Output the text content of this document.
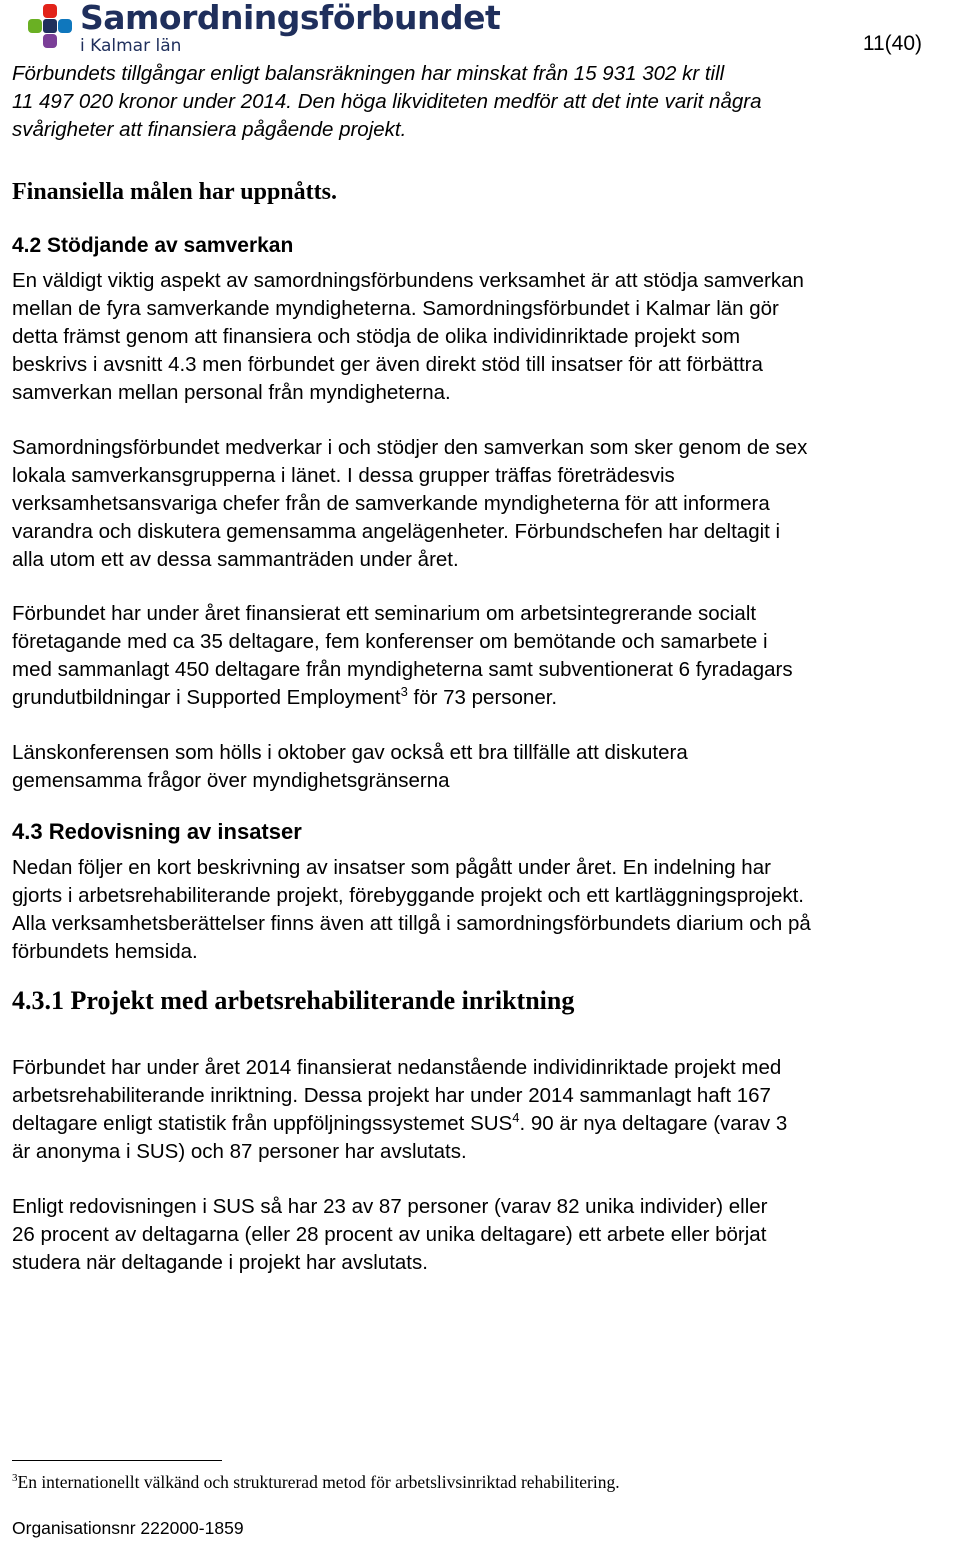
Samordningsförbundet
i Kalmar län	11(40)
Förbundets tillgångar enligt balansräkningen har minskat från 15 931 302 kr till
11 497 020 kronor under 2014. Den höga likviditeten medför att det inte varit några
svårigheter att finansiera pågående projekt.
Finansiella målen har uppnåtts.
4.2 Stödjande av samverkan
En väldigt viktig aspekt av samordningsförbundens verksamhet är att stödja samverkan
mellan de fyra samverkande myndigheterna. Samordningsförbundet i Kalmar län gör
detta främst genom att finansiera och stödja de olika individinriktade projekt som
beskrivs i avsnitt 4.3 men förbundet ger även direkt stöd till insatser för att förbättra
samverkan mellan personal från myndigheterna.
Samordningsförbundet medverkar i och stödjer den samverkan som sker genom de sex
lokala samverkansgrupperna i länet. I dessa grupper träffas företrädesvis
verksamhetsansvariga chefer från de samverkande myndigheterna för att informera
varandra och diskutera gemensamma angelägenheter. Förbundschefen har deltagit i
alla utom ett av dessa sammanträden under året.
Förbundet har under året finansierat ett seminarium om arbetsintegrerande socialt
företagande med ca 35 deltagare, fem konferenser om bemötande och samarbete i
med sammanlagt 450 deltagare från myndigheterna samt subventionerat 6 fyradagars
grundutbildningar i Supported Employment$^3$ för 73 personer.
Länskonferensen som hölls i oktober gav också ett bra tillfälle att diskutera
gemensamma frågor över myndighetsgränserna
4.3 Redovisning av insatser
Nedan följer en kort beskrivning av insatser som pågått under året. En indelning har
gjorts i arbetsrehabiliterande projekt, förebyggande projekt och ett kartläggningsprojekt.
Alla verksamhetsberättelser finns även att tillgå i samordningsförbundets diarium och på
förbundets hemsida.
4.3.1 Projekt med arbetsrehabiliterande inriktning
Förbundet har under året 2014 finansierat nedanstående individinriktade projekt med
arbetsrehabiliterande inriktning. Dessa projekt har under 2014 sammanlagt haft 167
deltagare enligt statistik från uppföljningssystemet SUS$^4$. 90 är nya deltagare (varav 3
är anonyma i SUS) och 87 personer har avslutats.
Enligt redovisningen i SUS så har 23 av 87 personer (varav 82 unika individer) eller
26 procent av deltagarna (eller 28 procent av unika deltagare) ett arbete eller börjat
studera när deltagande i projekt har avslutats.
$^3$En internationellt välkänd och strukturerad metod för arbetslivsinriktad rehabilitering.
Organisationsnr 222000-1859
